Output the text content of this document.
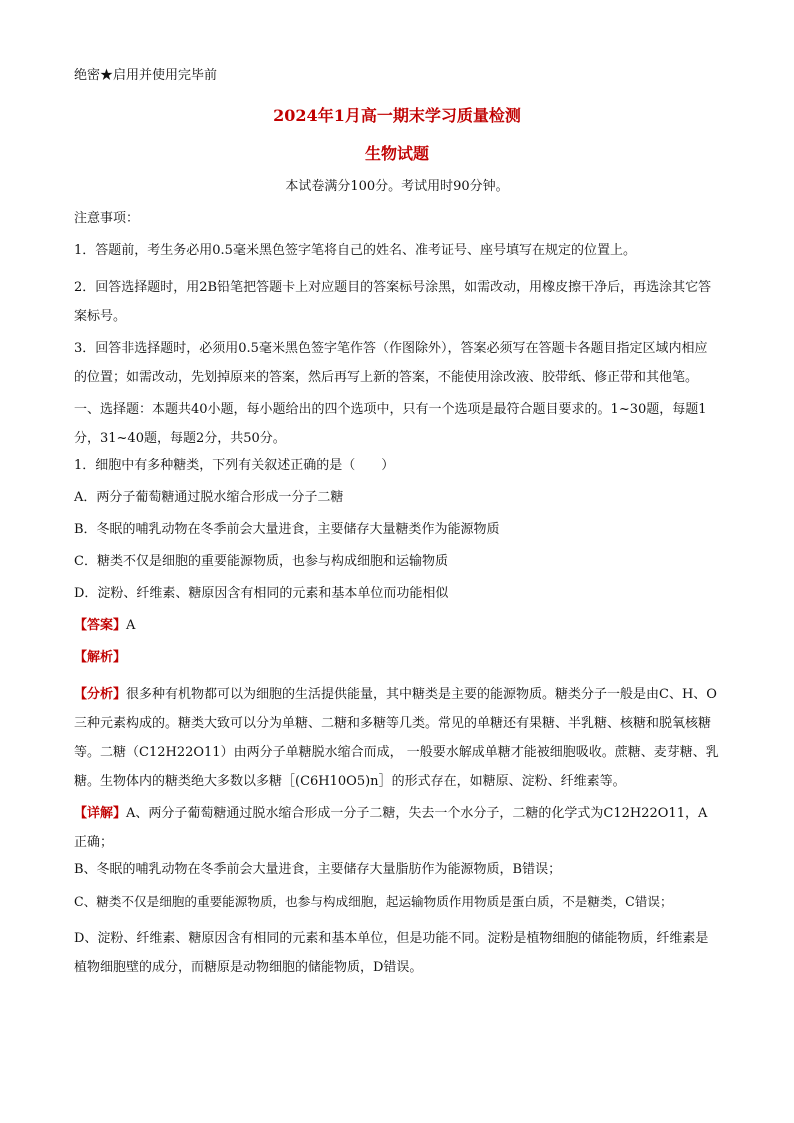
绝密★启用并使用完毕前

2024年1月高一期末学习质量检测

生物试题

本试卷满分100分。考试用时90分钟。

注意事项：

1．答题前，考生务必用0.5毫米黑色签字笔将自己的姓名、准考证号、座号填写在规定的位置上。

2．回答选择题时，用2B铅笔把答题卡上对应题目的答案标号涂黑，如需改动，用橡皮擦干净后，再选涂其它答案标号。

3．回答非选择题时，必须用0.5毫米黑色签字笔作答（作图除外），答案必须写在答题卡各题目指定区域内相应的位置；如需改动，先划掉原来的答案，然后再写上新的答案，不能使用涂改液、胶带纸、修正带和其他笔。

一、选择题：本题共40小题，每小题给出的四个选项中，只有一个选项是最符合题目要求的。1~30题，每题1分，31~40题，每题2分，共50分。

1．细胞中有多种糖类，下列有关叙述正确的是（　　）

A．两分子葡萄糖通过脱水缩合形成一分子二糖

B．冬眠的哺乳动物在冬季前会大量进食，主要储存大量糖类作为能源物质

C．糖类不仅是细胞的重要能源物质，也参与构成细胞和运输物质

D．淀粉、纤维素、糖原因含有相同的元素和基本单位而功能相似

【答案】A

【解析】

【分析】很多种有机物都可以为细胞的生活提供能量，其中糖类是主要的能源物质。糖类分子一般是由C、H、O三种元素构成的。糖类大致可以分为单糖、二糖和多糖等几类。常见的单糖还有果糖、半乳糖、核糖和脱氧核糖等。二糖（C12H22O11）由两分子单糖脱水缩合而成， 一般要水解成单糖才能被细胞吸收。蔗糖、麦芽糖、乳糖。生物体内的糖类绝大多数以多糖［(C6H10O5)n］的形式存在，如糖原、淀粉、纤维素等。

【详解】A、两分子葡萄糖通过脱水缩合形成一分子二糖，失去一个水分子，二糖的化学式为C12H22O11，A正确；

B、冬眠的哺乳动物在冬季前会大量进食，主要储存大量脂肪作为能源物质，B错误；

C、糖类不仅是细胞的重要能源物质，也参与构成细胞，起运输物质作用物质是蛋白质，不是糖类，C错误；

D、淀粉、纤维素、糖原因含有相同的元素和基本单位，但是功能不同。淀粉是植物细胞的储能物质，纤维素是植物细胞壁的成分，而糖原是动物细胞的储能物质，D错误。
